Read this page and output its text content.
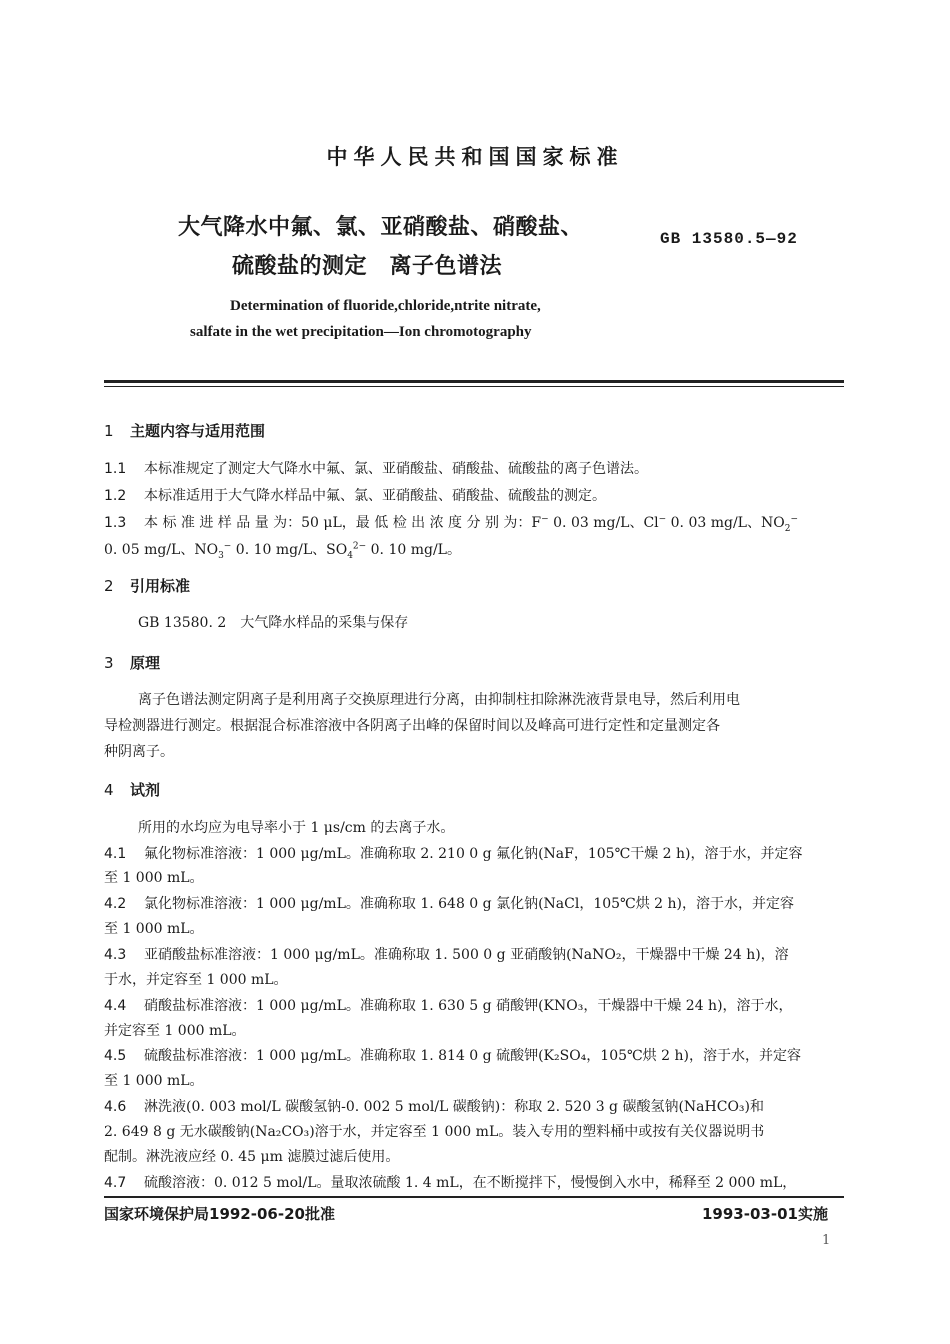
中华人民共和国国家标准
大气降水中氟、氯、亚硝酸盐、硝酸盐、
硫酸盐的测定　离子色谱法
GB 13580.5—92
Determination of fluoride,chloride,ntrite nitrate,
salfate in the wet precipitation—Ion chromotography
1 主题内容与适用范围
1.1 本标准规定了测定大气降水中氟、氯、亚硝酸盐、硝酸盐、硫酸盐的离子色谱法。
1.2 本标准适用于大气降水样品中氟、氯、亚硝酸盐、硝酸盐、硫酸盐的测定。
1.3 本 标 准 进 样 品 量 为：50 μL，最 低 检 出 浓 度 分 别 为：F− 0. 03 mg/L、Cl− 0. 03 mg/L、$NO_2^-$
0. 05 mg/L、$NO_3^-$ 0. 10 mg/L、$SO_4^{2-}$ 0. 10 mg/L。
2 引用标准
GB 13580. 2　大气降水样品的采集与保存
3 原理
离子色谱法测定阴离子是利用离子交换原理进行分离，由抑制柱扣除淋洗液背景电导，然后利用电
导检测器进行测定。根据混合标准溶液中各阴离子出峰的保留时间以及峰高可进行定性和定量测定各
种阴离子。
4 试剂
所用的水均应为电导率小于 1 μs/cm 的去离子水。
4.1 氟化物标准溶液：1 000 μg/mL。准确称取 2. 210 0 g 氟化钠(NaF，105℃干燥 2 h)，溶于水，并定容
至 1 000 mL。
4.2 氯化物标准溶液：1 000 μg/mL。准确称取 1. 648 0 g 氯化钠(NaCl，105℃烘 2 h)，溶于水，并定容
至 1 000 mL。
4.3 亚硝酸盐标准溶液：1 000 μg/mL。准确称取 1. 500 0 g 亚硝酸钠(NaNO₂，干燥器中干燥 24 h)，溶
于水，并定容至 1 000 mL。
4.4 硝酸盐标准溶液：1 000 μg/mL。准确称取 1. 630 5 g 硝酸钾(KNO₃，干燥器中干燥 24 h)，溶于水，
并定容至 1 000 mL。
4.5 硫酸盐标准溶液：1 000 μg/mL。准确称取 1. 814 0 g 硫酸钾(K₂SO₄，105℃烘 2 h)，溶于水，并定容
至 1 000 mL。
4.6 淋洗液(0. 003 mol/L 碳酸氢钠-0. 002 5 mol/L 碳酸钠)：称取 2. 520 3 g 碳酸氢钠(NaHCO₃)和
2. 649 8 g 无水碳酸钠(Na₂CO₃)溶于水，并定容至 1 000 mL。装入专用的塑料桶中或按有关仪器说明书
配制。淋洗液应经 0. 45 μm 滤膜过滤后使用。
4.7 硫酸溶液：0. 012 5 mol/L。量取浓硫酸 1. 4 mL，在不断搅拌下，慢慢倒入水中，稀释至 2 000 mL，
国家环境保护局1992-06-20批准	1993-03-01实施
1
